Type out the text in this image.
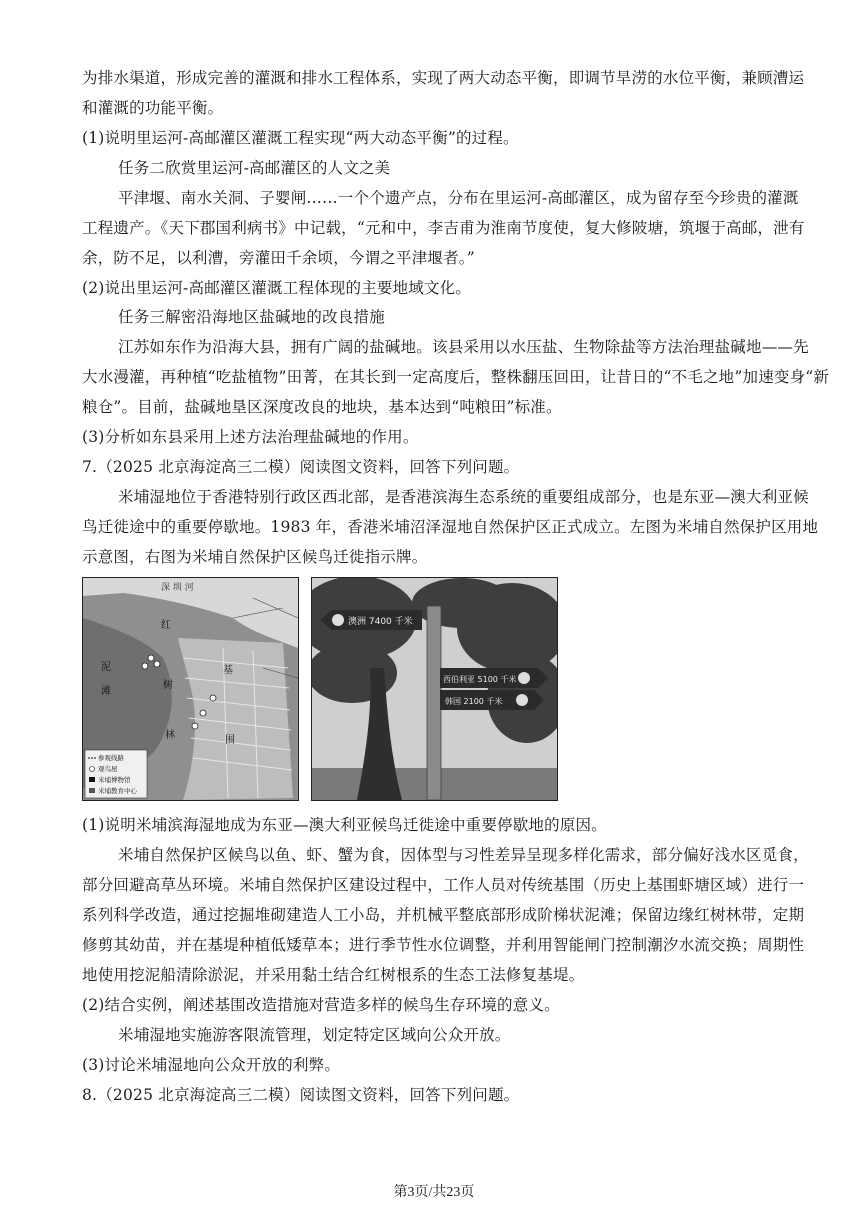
为排水渠道，形成完善的灌溉和排水工程体系，实现了两大动态平衡，即调节旱涝的水位平衡，兼顾漕运
和灌溉的功能平衡。
(1)说明里运河-高邮灌区灌溉工程实现“两大动态平衡”的过程。
任务二欣赏里运河-高邮灌区的人文之美
平津堰、南水关洞、子婴闸……一个个遗产点，分布在里运河-高邮灌区，成为留存至今珍贵的灌溉
工程遗产。《天下郡国利病书》中记载，“元和中，李吉甫为淮南节度使，复大修陂塘，筑堰于高邮，泄有
余，防不足，以利漕，旁灌田千余顷，今谓之平津堰者。”
(2)说出里运河-高邮灌区灌溉工程体现的主要地域文化。
任务三解密沿海地区盐碱地的改良措施
江苏如东作为沿海大县，拥有广阔的盐碱地。该县采用以水压盐、生物除盐等方法治理盐碱地——先
大水漫灌，再种植“吃盐植物”田菁，在其长到一定高度后，整株翻压回田，让昔日的“不毛之地”加速变身“新
粮仓”。目前，盐碱地垦区深度改良的地块，基本达到“吨粮田”标准。
(3)分析如东县采用上述方法治理盐碱地的作用。
7.（2025 北京海淀高三二模）阅读图文资料，回答下列问题。
米埔湿地位于香港特别行政区西北部，是香港滨海生态系统的重要组成部分，也是东亚—澳大利亚候
鸟迁徙途中的重要停歇地。1983 年，香港米埔沼泽湿地自然保护区正式成立。左图为米埔自然保护区用地
示意图，右图为米埔自然保护区候鸟迁徙指示牌。
深 圳 河
泥
滩
红
树
林
基
围
参观线路
观鸟屋
米埔博物馆
米埔教育中心
澳洲 7400 千米
西伯利亚 5100 千米
韩国 2100 千米
(1)说明米埔滨海湿地成为东亚—澳大利亚候鸟迁徙途中重要停歇地的原因。
米埔自然保护区候鸟以鱼、虾、蟹为食，因体型与习性差异呈现多样化需求，部分偏好浅水区觅食，
部分回避高草丛环境。米埔自然保护区建设过程中，工作人员对传统基围（历史上基围虾塘区域）进行一
系列科学改造，通过挖掘堆砌建造人工小岛，并机械平整底部形成阶梯状泥滩；保留边缘红树林带，定期
修剪其幼苗，并在基堤种植低矮草本；进行季节性水位调整，并利用智能闸门控制潮汐水流交换；周期性
地使用挖泥船清除淤泥，并采用黏土结合红树根系的生态工法修复基堤。
(2)结合实例，阐述基围改造措施对营造多样的候鸟生存环境的意义。
米埔湿地实施游客限流管理，划定特定区域向公众开放。
(3)讨论米埔湿地向公众开放的利弊。
8.（2025 北京海淀高三二模）阅读图文资料，回答下列问题。
第3页/共23页
